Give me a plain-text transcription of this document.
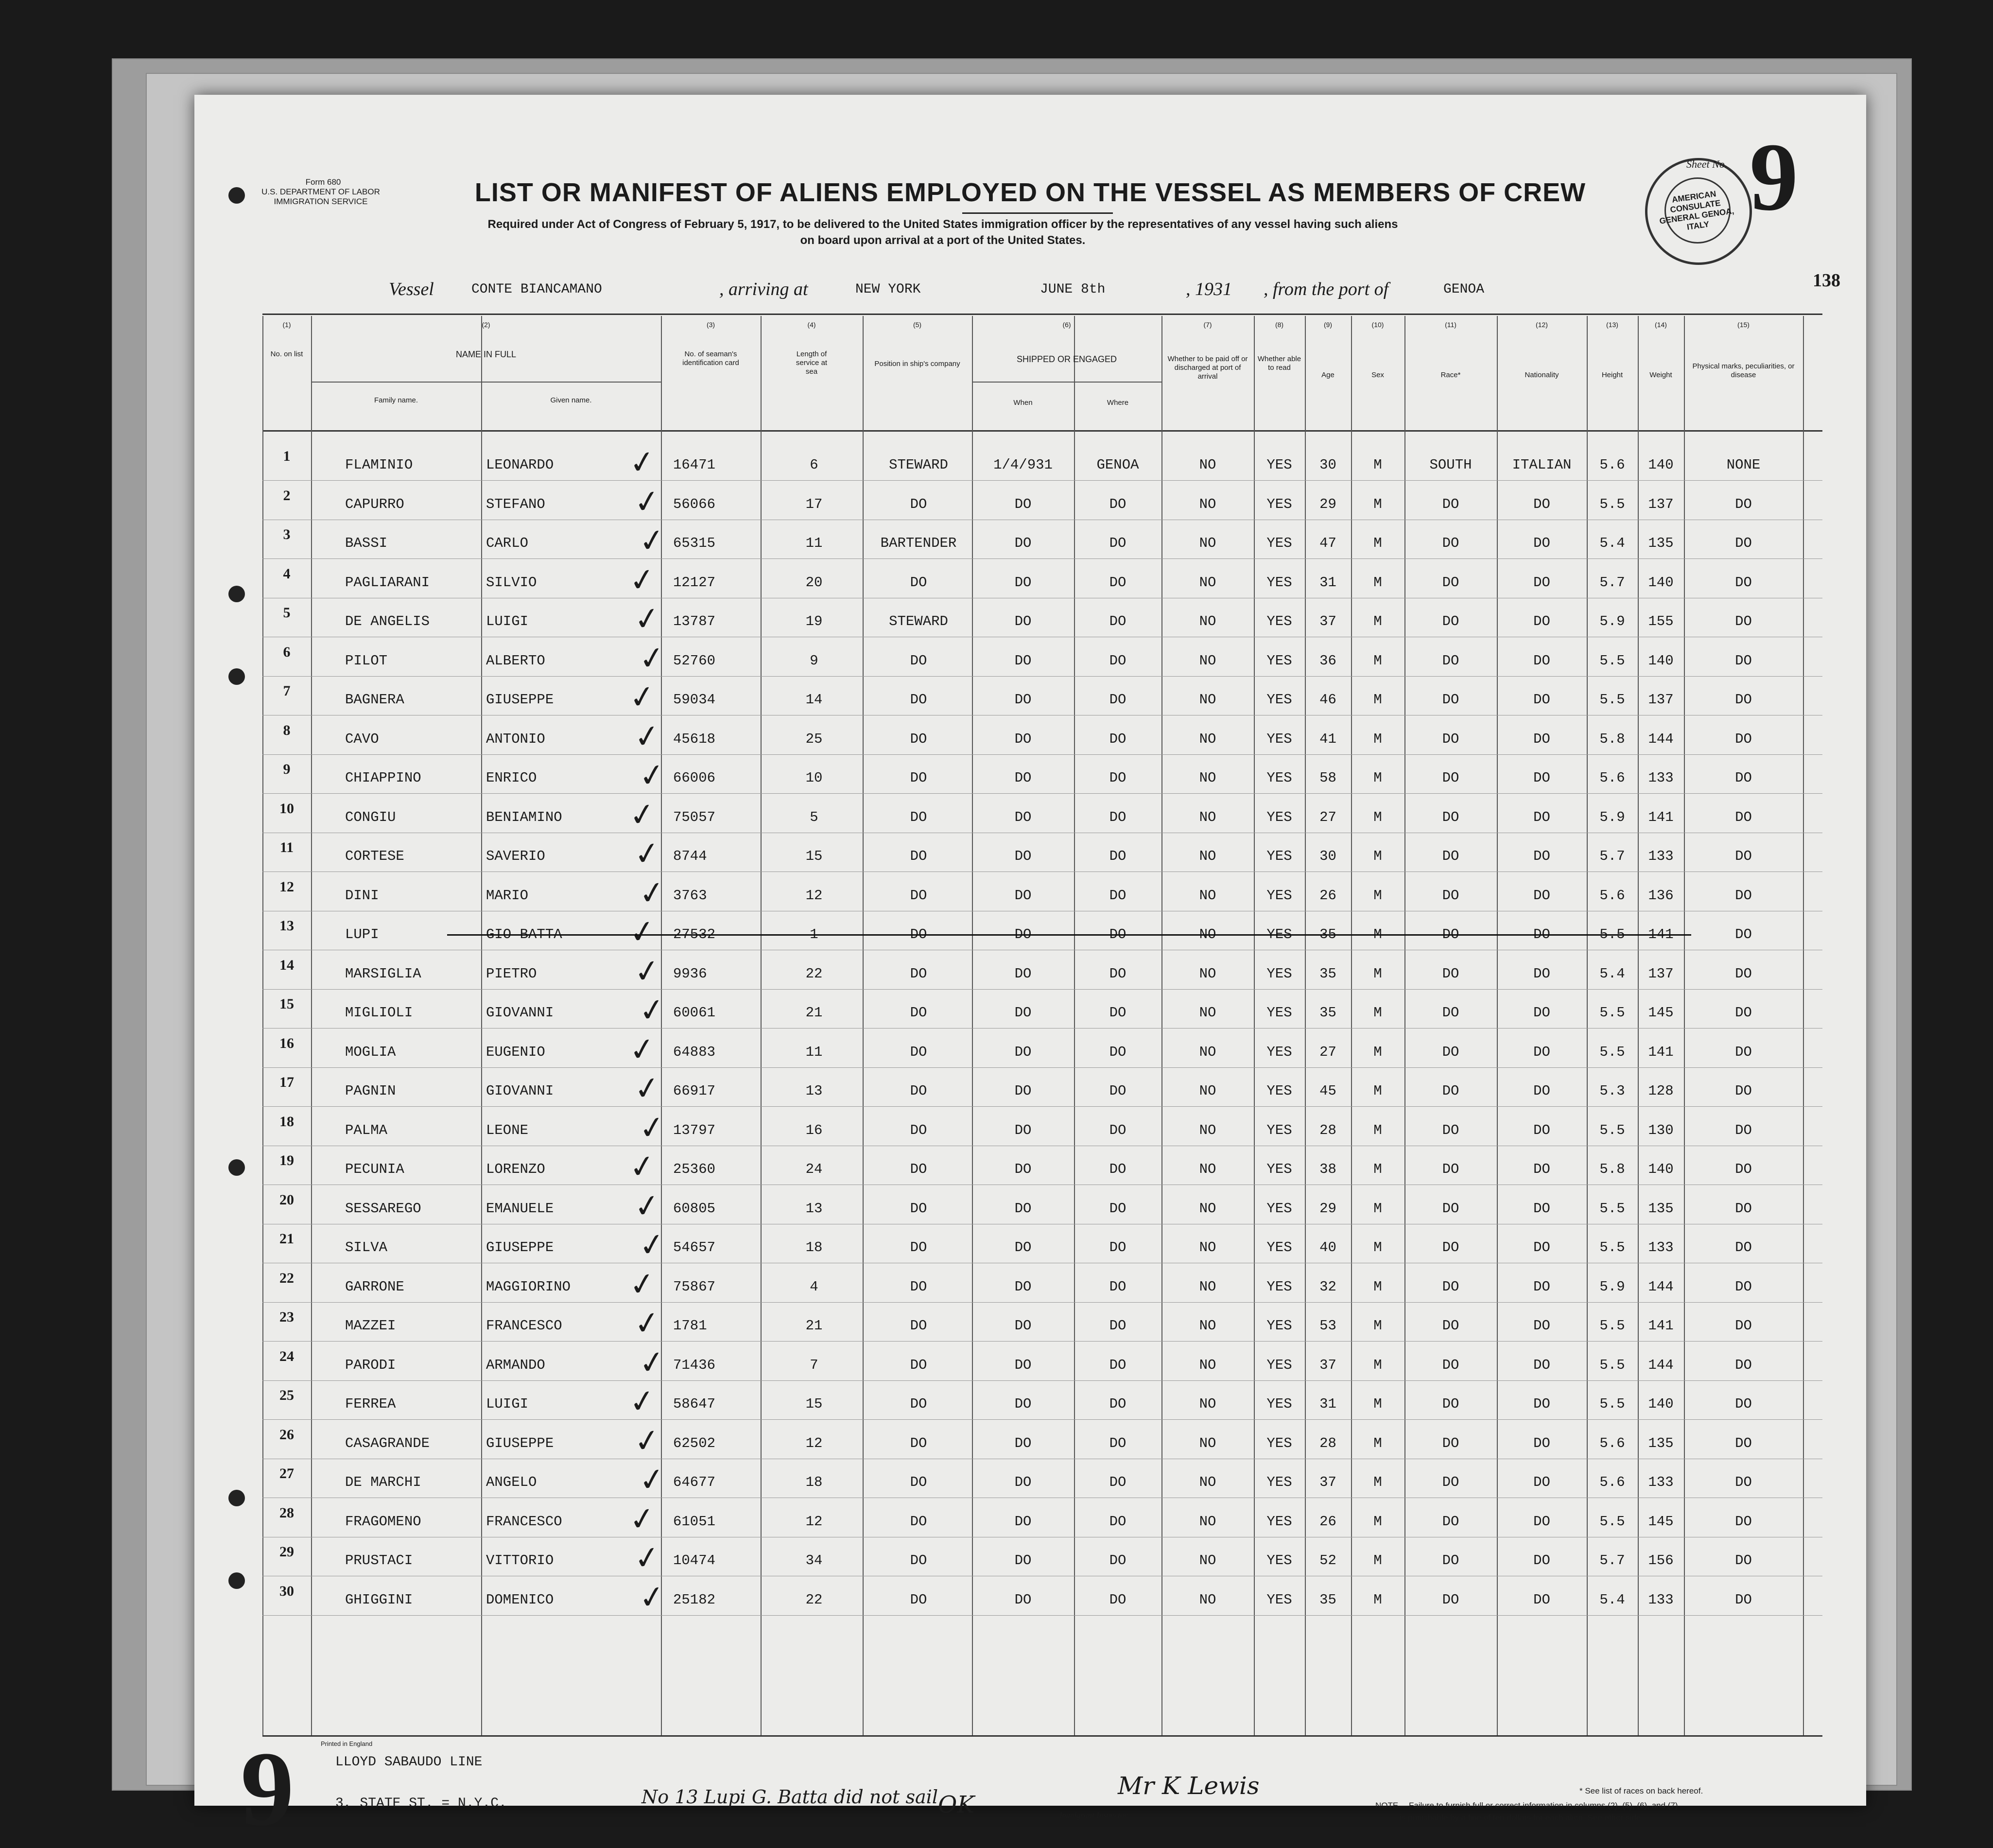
Form 680
U.S. DEPARTMENT OF LABOR
IMMIGRATION SERVICE	LIST OR MANIFEST OF ALIENS EMPLOYED ON THE VESSEL AS MEMBERS OF CREW
Required under Act of Congress of February 5, 1917, to be delivered to the United States immigration officer by the representatives of any vessel having such aliens
on board upon arrival at a port of the United States.
AMERICAN CONSULATE GENERAL GENOA, ITALY
Sheet No. 9
138
Vessel	CONTE BIANCAMANO	, arriving at	NEW YORK	JUNE 8th	, 1931 , from the port of	GENOA
(1)
No. on list
(2)
NAME IN FULL
Family name.	Given name.
(3)
No. of seaman's identification card
(4)
Length of service at sea
(5)
Position in ship's company
(6)
SHIPPED OR ENGAGED
When	Where
(7)
Whether to be paid off or discharged at port of arrival
(8)
Whether able to read
(9)
Age
(10)
Sex
(11)
Race*
(12)
Nationality
(13)
Height
(14)
Weight
(15)
Physical marks, peculiarities, or disease
1
FLAMINIO	LEONARDO	16471	6	STEWARD	1/4/931	GENOA	NO	YES	30	M	SOUTH	ITALIAN	5.6	140	NONE
✓
2
CAPURRO	STEFANO	56066	17	DO	DO	DO	NO	YES	29	M	DO	DO	5.5	137	DO
✓
3
BASSI	CARLO	65315	11	BARTENDER	DO	DO	NO	YES	47	M	DO	DO	5.4	135	DO
✓
4
PAGLIARANI	SILVIO	12127	20	DO	DO	DO	NO	YES	31	M	DO	DO	5.7	140	DO
✓
5
DE ANGELIS	LUIGI	13787	19	STEWARD	DO	DO	NO	YES	37	M	DO	DO	5.9	155	DO
✓
6
PILOT	ALBERTO	52760	9	DO	DO	DO	NO	YES	36	M	DO	DO	5.5	140	DO
✓
7
BAGNERA	GIUSEPPE	59034	14	DO	DO	DO	NO	YES	46	M	DO	DO	5.5	137	DO
✓
8
CAVO	ANTONIO	45618	25	DO	DO	DO	NO	YES	41	M	DO	DO	5.8	144	DO
✓
9
CHIAPPINO	ENRICO	66006	10	DO	DO	DO	NO	YES	58	M	DO	DO	5.6	133	DO
✓
10
CONGIU	BENIAMINO	75057	5	DO	DO	DO	NO	YES	27	M	DO	DO	5.9	141	DO
✓
11
CORTESE	SAVERIO	8744	15	DO	DO	DO	NO	YES	30	M	DO	DO	5.7	133	DO
✓
12
DINI	MARIO	3763	12	DO	DO	DO	NO	YES	26	M	DO	DO	5.6	136	DO
✓
13
LUPI	GIO BATTA	27532	1	DO	DO	DO	NO	YES	35	M	DO	DO	5.5	141	DO
✓
14
MARSIGLIA	PIETRO	9936	22	DO	DO	DO	NO	YES	35	M	DO	DO	5.4	137	DO
✓
15
MIGLIOLI	GIOVANNI	60061	21	DO	DO	DO	NO	YES	35	M	DO	DO	5.5	145	DO
✓
16
MOGLIA	EUGENIO	64883	11	DO	DO	DO	NO	YES	27	M	DO	DO	5.5	141	DO
✓
17
PAGNIN	GIOVANNI	66917	13	DO	DO	DO	NO	YES	45	M	DO	DO	5.3	128	DO
✓
18
PALMA	LEONE	13797	16	DO	DO	DO	NO	YES	28	M	DO	DO	5.5	130	DO
✓
19
PECUNIA	LORENZO	25360	24	DO	DO	DO	NO	YES	38	M	DO	DO	5.8	140	DO
✓
20
SESSAREGO	EMANUELE	60805	13	DO	DO	DO	NO	YES	29	M	DO	DO	5.5	135	DO
✓
21
SILVA	GIUSEPPE	54657	18	DO	DO	DO	NO	YES	40	M	DO	DO	5.5	133	DO
✓
22
GARRONE	MAGGIORINO	75867	4	DO	DO	DO	NO	YES	32	M	DO	DO	5.9	144	DO
✓
23
MAZZEI	FRANCESCO	1781	21	DO	DO	DO	NO	YES	53	M	DO	DO	5.5	141	DO
✓
24
PARODI	ARMANDO	71436	7	DO	DO	DO	NO	YES	37	M	DO	DO	5.5	144	DO
✓
25
FERREA	LUIGI	58647	15	DO	DO	DO	NO	YES	31	M	DO	DO	5.5	140	DO
✓
26
CASAGRANDE	GIUSEPPE	62502	12	DO	DO	DO	NO	YES	28	M	DO	DO	5.6	135	DO
✓
27
DE MARCHI	ANGELO	64677	18	DO	DO	DO	NO	YES	37	M	DO	DO	5.6	133	DO
✓
28
FRAGOMENO	FRANCESCO	61051	12	DO	DO	DO	NO	YES	26	M	DO	DO	5.5	145	DO
✓
29
PRUSTACI	VITTORIO	10474	34	DO	DO	DO	NO	YES	52	M	DO	DO	5.7	156	DO
✓
30
GHIGGINI	DOMENICO	25182	22	DO	DO	DO	NO	YES	35	M	DO	DO	5.4	133	DO
✓
Printed in England
LLOYD SABAUDO LINE
3, STATE ST. = N.Y.C.
9	No 13 Lupi G. Batta did not sail OK
Mr K Lewis
Immigrant Inspector.
* See list of races on back hereof.
NOTE.—Failure to furnish full or correct information in columns (2), (5), (6), and (7)
is punishable by a fine of ten dollars for each alien. See other side.
